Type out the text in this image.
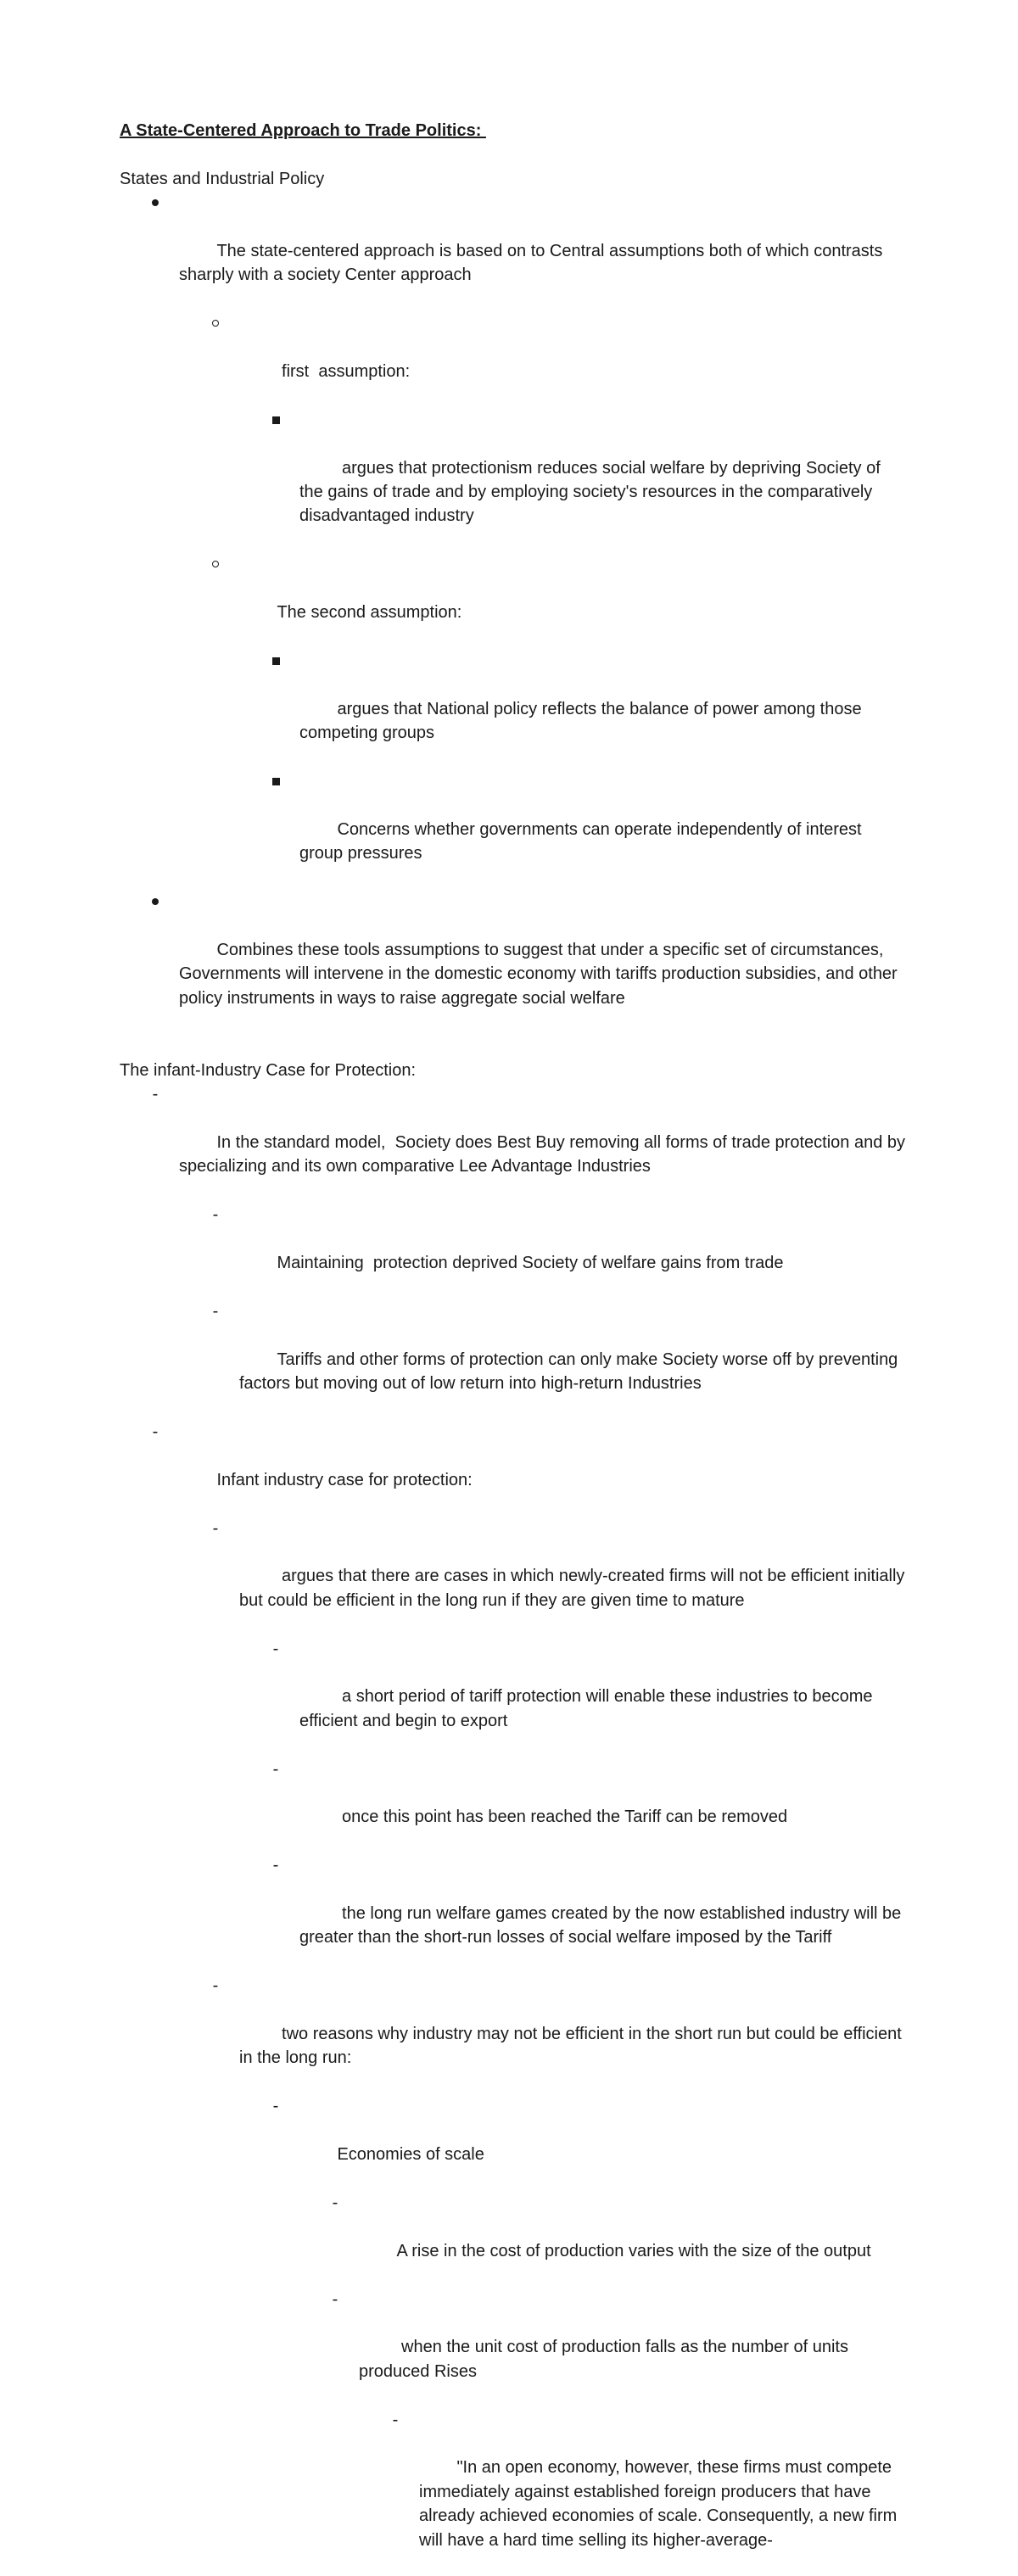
A State-Centered Approach to Trade Politics:
States and Industrial Policy

The state-centered approach is based on to Central assumptions both of which contrasts sharply with a society Center approach

first  assumption:

argues that protectionism reduces social welfare by depriving Society of the gains of trade and by employing society's resources in the comparatively disadvantaged industry

The second assumption:

argues that National policy reflects the balance of power among those competing groups

Concerns whether governments can operate independently of interest group pressures

Combines these tools assumptions to suggest that under a specific set of circumstances, Governments will intervene in the domestic economy with tariffs production subsidies, and other policy instruments in ways to raise aggregate social welfare

The infant-Industry Case for Protection:

-

In the standard model,  Society does Best Buy removing all forms of trade protection and by specializing and its own comparative Lee Advantage Industries

-

Maintaining  protection deprived Society of welfare gains from trade

-

Tariffs and other forms of protection can only make Society worse off by preventing factors but moving out of low return into high-return Industries

-

Infant industry case for protection:

-

argues that there are cases in which newly-created firms will not be efficient initially but could be efficient in the long run if they are given time to mature

-

a short period of tariff protection will enable these industries to become efficient and begin to export

-

once this point has been reached the Tariff can be removed

-

the long run welfare games created by the now established industry will be greater than the short-run losses of social welfare imposed by the Tariff

-

two reasons why industry may not be efficient in the short run but could be efficient in the long run:

-

Economies of scale

-

A rise in the cost of production varies with the size of the output

-

when the unit cost of production falls as the number of units produced Rises

-

"In an open economy, however, these firms must compete immediately against established foreign producers that have already achieved economies of scale. Consequently, a new firm will have a hard time selling its higher-average-
